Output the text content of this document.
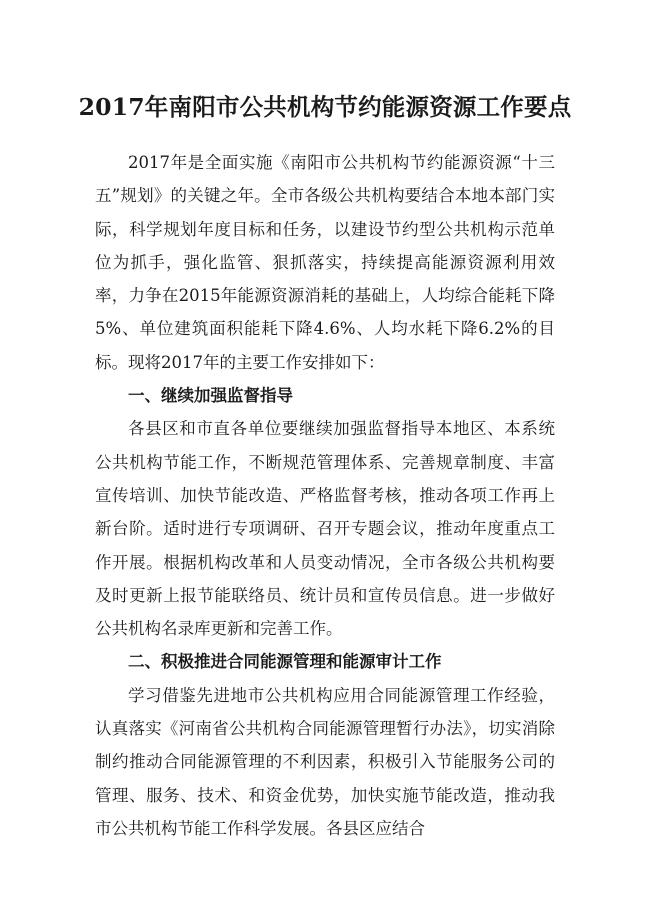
2017年南阳市公共机构节约能源资源工作要点

2017年是全面实施《南阳市公共机构节约能源资源“十三五”规划》的关键之年。全市各级公共机构要结合本地本部门实际，科学规划年度目标和任务，以建设节约型公共机构示范单位为抓手，强化监管、狠抓落实，持续提高能源资源利用效率，力争在2015年能源资源消耗的基础上，人均综合能耗下降5%、单位建筑面积能耗下降4.6%、人均水耗下降6.2%的目标。现将2017年的主要工作安排如下：

一、继续加强监督指导

各县区和市直各单位要继续加强监督指导本地区、本系统公共机构节能工作，不断规范管理体系、完善规章制度、丰富宣传培训、加快节能改造、严格监督考核，推动各项工作再上新台阶。适时进行专项调研、召开专题会议，推动年度重点工作开展。根据机构改革和人员变动情况，全市各级公共机构要及时更新上报节能联络员、统计员和宣传员信息。进一步做好公共机构名录库更新和完善工作。

二、积极推进合同能源管理和能源审计工作

学习借鉴先进地市公共机构应用合同能源管理工作经验，认真落实《河南省公共机构合同能源管理暂行办法》，切实消除制约推动合同能源管理的不利因素，积极引入节能服务公司的管理、服务、技术、和资金优势，加快实施节能改造，推动我市公共机构节能工作科学发展。各县区应结合
